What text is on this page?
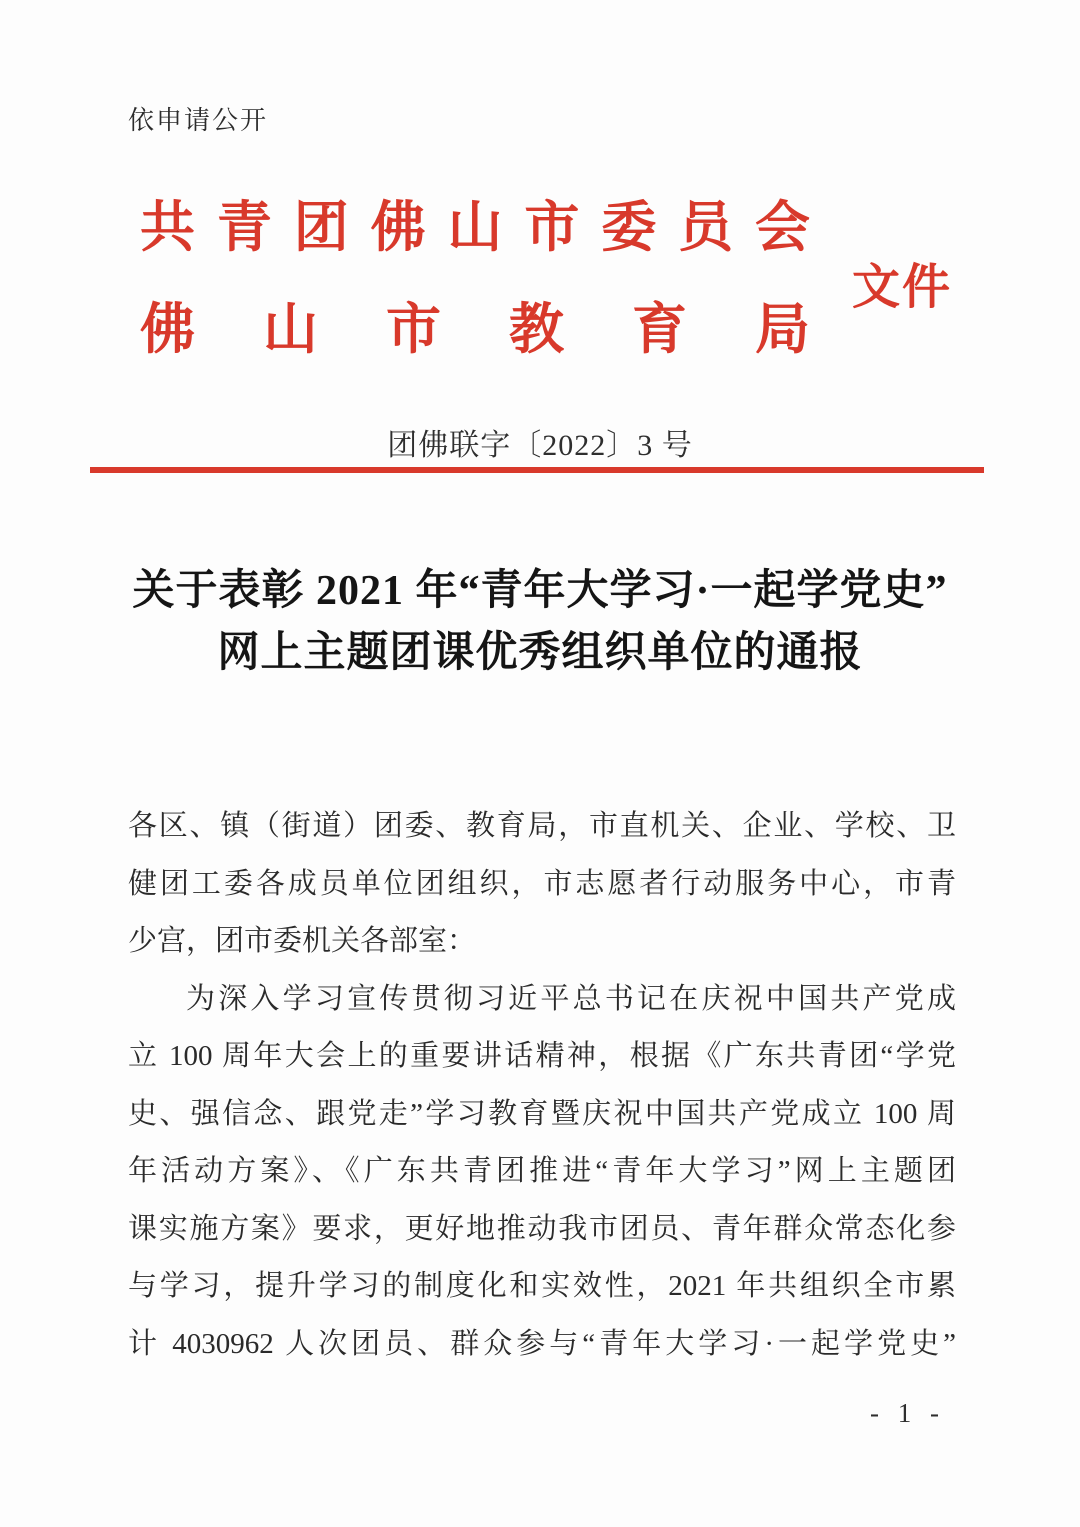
依申请公开
共青团佛山市委员会
佛山市教育局
文件
团佛联字〔2022〕3 号
关于表彰 2021 年“青年大学习·一起学党史”
网上主题团课优秀组织单位的通报
各区、镇（街道）团委、教育局，市直机关、企业、学校、卫
健团工委各成员单位团组织，市志愿者行动服务中心，市青
少宫，团市委机关各部室：
为深入学习宣传贯彻习近平总书记在庆祝中国共产党成
立 100 周年大会上的重要讲话精神，根据《广东共青团“学党
史、强信念、跟党走”学习教育暨庆祝中国共产党成立 100 周
年活动方案》、《广东共青团推进“青年大学习”网上主题团
课实施方案》要求，更好地推动我市团员、青年群众常态化参
与学习，提升学习的制度化和实效性，2021 年共组织全市累
计 4030962 人次团员、群众参与“青年大学习·一起学党史”
- 1 -
